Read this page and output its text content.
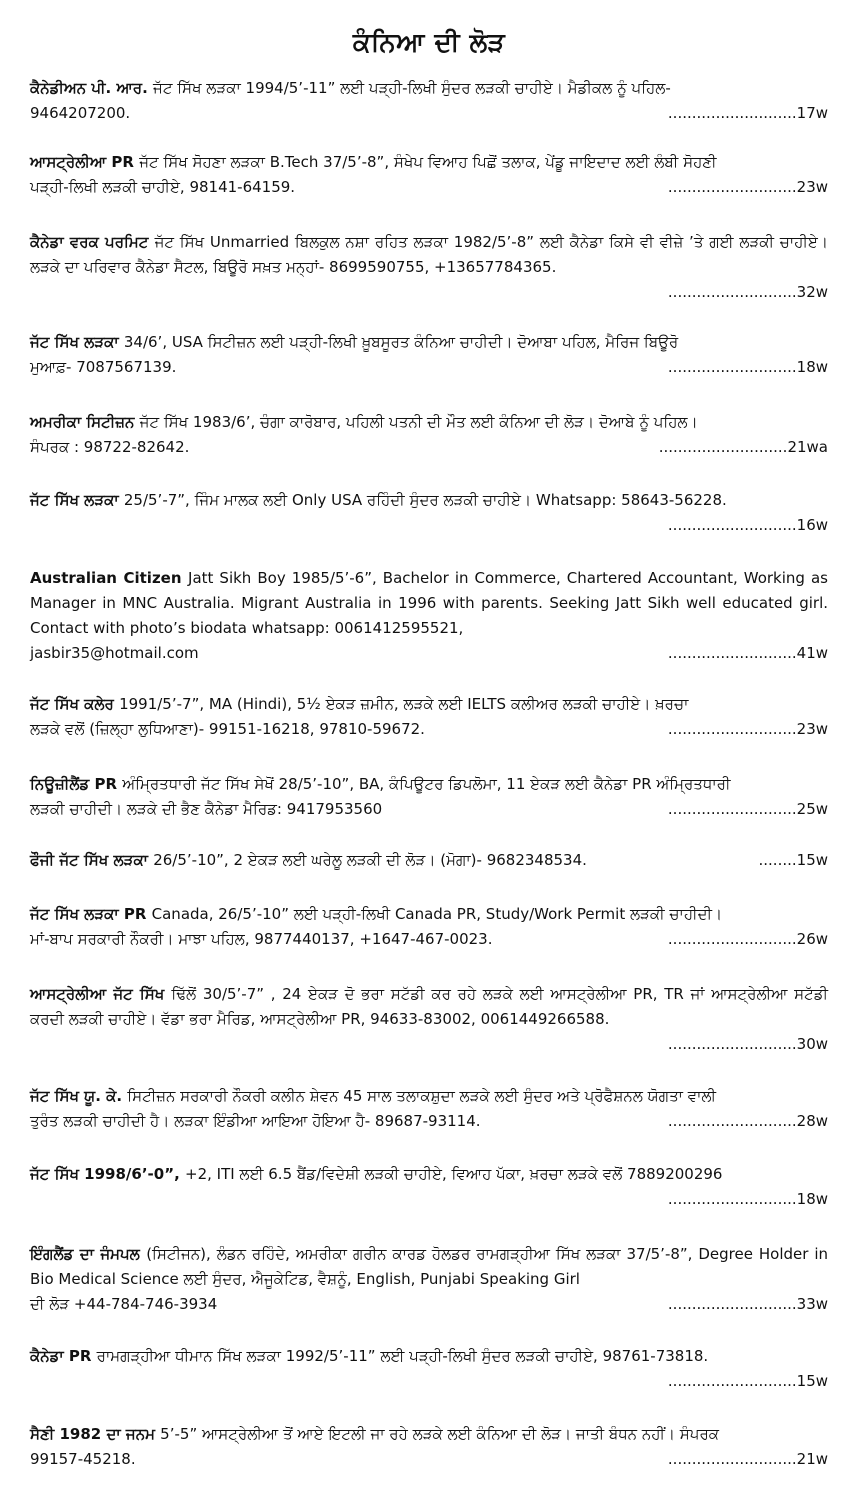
ਕੰਨਿਆ ਦੀ ਲੋੜ
ਕੈਨੇਡੀਅਨ ਪੀ. ਆਰ. ਜੱਟ ਸਿੱਖ ਲੜਕਾ 1994/5’-11” ਲਈ ਪੜ੍ਹੀ-ਲਿਖੀ ਸੁੰਦਰ ਲੜਕੀ ਚਾਹੀਏ। ਮੈਡੀਕਲ ਨੂੰ ਪਹਿਲ-
9464207200.	...........................17w
ਆਸਟ੍ਰੇਲੀਆ PR ਜੱਟ ਸਿੱਖ ਸੋਹਣਾ ਲੜਕਾ B.Tech 37/5’-8”, ਸੰਖੇਪ ਵਿਆਹ ਪਿਛੋਂ ਤਲਾਕ, ਪੇਂਡੂ ਜਾਇਦਾਦ ਲਈ ਲੰਬੀ ਸੋਹਣੀ
ਪੜ੍ਹੀ-ਲਿਖੀ ਲੜਕੀ ਚਾਹੀਏ, 98141-64159.	...........................23w
ਕੈਨੇਡਾ ਵਰਕ ਪਰਮਿਟ ਜੱਟ ਸਿੱਖ Unmarried ਬਿਲਕੁਲ ਨਸ਼ਾ ਰਹਿਤ ਲੜਕਾ 1982/5’-8” ਲਈ ਕੈਨੇਡਾ ਕਿਸੇ ਵੀ ਵੀਜ਼ੇ ’ਤੇ ਗਈ ਲੜਕੀ ਚਾਹੀਏ। ਲੜਕੇ ਦਾ ਪਰਿਵਾਰ ਕੈਨੇਡਾ ਸੈਟਲ, ਬਿਊਰੋ ਸਖ਼ਤ ਮਨ੍ਹਾਂ- 8699590755, +13657784365.
...........................32w
ਜੱਟ ਸਿੱਖ ਲੜਕਾ 34/6’, USA ਸਿਟੀਜ਼ਨ ਲਈ ਪੜ੍ਹੀ-ਲਿਖੀ ਖ਼ੂਬਸੂਰਤ ਕੰਨਿਆ ਚਾਹੀਦੀ। ਦੋਆਬਾ ਪਹਿਲ, ਮੈਰਿਜ ਬਿਊਰੋ
ਮੁਆਫ਼- 7087567139.	...........................18w
ਅਮਰੀਕਾ ਸਿਟੀਜ਼ਨ ਜੱਟ ਸਿੱਖ 1983/6’, ਚੰਗਾ ਕਾਰੋਬਾਰ, ਪਹਿਲੀ ਪਤਨੀ ਦੀ ਮੌਤ ਲਈ ਕੰਨਿਆ ਦੀ ਲੋੜ। ਦੋਆਬੇ ਨੂੰ ਪਹਿਲ।
ਸੰਪਰਕ : 98722-82642.	...........................21wa
ਜੱਟ ਸਿੱਖ ਲੜਕਾ 25/5’-7”, ਜਿੰਮ ਮਾਲਕ ਲਈ Only USA ਰਹਿੰਦੀ ਸੁੰਦਰ ਲੜਕੀ ਚਾਹੀਏ। Whatsapp: 58643-56228.
...........................16w
Australian Citizen Jatt Sikh Boy 1985/5’-6”, Bachelor in Commerce, Chartered Accountant, Working as Manager in MNC Australia. Migrant Australia in 1996 with parents. Seeking Jatt Sikh well educated girl. Contact with photo’s biodata whatsapp: 0061412595521,
jasbir35@hotmail.com	...........................41w
ਜੱਟ ਸਿੱਖ ਕਲੇਰ 1991/5’-7”, MA (Hindi), 5½ ਏਕੜ ਜ਼ਮੀਨ, ਲੜਕੇ ਲਈ IELTS ਕਲੀਅਰ ਲੜਕੀ ਚਾਹੀਏ। ਖ਼ਰਚਾ
ਲੜਕੇ ਵਲੋਂ (ਜ਼ਿਲ੍ਹਾ ਲੁਧਿਆਣਾ)- 99151-16218, 97810-59672.	...........................23w
ਨਿਊਜ਼ੀਲੈਂਡ PR ਅੰਮ੍ਰਿਤਧਾਰੀ ਜੱਟ ਸਿੱਖ ਸੇਖੋਂ 28/5’-10”, BA, ਕੰਪਿਊਟਰ ਡਿਪਲੋਮਾ, 11 ਏਕੜ ਲਈ ਕੈਨੇਡਾ PR ਅੰਮ੍ਰਿਤਧਾਰੀ
ਲੜਕੀ ਚਾਹੀਦੀ। ਲੜਕੇ ਦੀ ਭੈਣ ਕੈਨੇਡਾ ਮੈਰਿਡ: 9417953560	...........................25w
ਫੌਜੀ ਜੱਟ ਸਿੱਖ ਲੜਕਾ 26/5’-10”, 2 ਏਕੜ ਲਈ ਘਰੇਲੂ ਲੜਕੀ ਦੀ ਲੋੜ। (ਮੋਗਾ)- 9682348534.	........15w
ਜੱਟ ਸਿੱਖ ਲੜਕਾ PR Canada, 26/5’-10” ਲਈ ਪੜ੍ਹੀ-ਲਿਖੀ Canada PR, Study/Work Permit ਲੜਕੀ ਚਾਹੀਦੀ।
ਮਾਂ-ਬਾਪ ਸਰਕਾਰੀ ਨੌਕਰੀ। ਮਾਝਾ ਪਹਿਲ, 9877440137, +1647-467-0023.	...........................26w
ਆਸਟ੍ਰੇਲੀਆ ਜੱਟ ਸਿੱਖ ਢਿੱਲੋਂ 30/5’-7” , 24 ਏਕੜ ਦੋ ਭਰਾ ਸਟੱਡੀ ਕਰ ਰਹੇ ਲੜਕੇ ਲਈ ਆਸਟ੍ਰੇਲੀਆ PR, TR ਜਾਂ ਆਸਟ੍ਰੇਲੀਆ ਸਟੱਡੀ ਕਰਦੀ ਲੜਕੀ ਚਾਹੀਏ। ਵੱਡਾ ਭਰਾ ਮੈਰਿਡ, ਆਸਟ੍ਰੇਲੀਆ PR, 94633-83002, 0061449266588.
...........................30w
ਜੱਟ ਸਿੱਖ ਯੂ. ਕੇ. ਸਿਟੀਜ਼ਨ ਸਰਕਾਰੀ ਨੌਕਰੀ ਕਲੀਨ ਸ਼ੇਵਨ 45 ਸਾਲ ਤਲਾਕਸ਼ੁਦਾ ਲੜਕੇ ਲਈ ਸੁੰਦਰ ਅਤੇ ਪ੍ਰੋਫੈਸ਼ਨਲ ਯੋਗਤਾ ਵਾਲੀ
ਤੁਰੰਤ ਲੜਕੀ ਚਾਹੀਦੀ ਹੈ। ਲੜਕਾ ਇੰਡੀਆ ਆਇਆ ਹੋਇਆ ਹੈ- 89687-93114.	...........................28w
ਜੱਟ ਸਿੱਖ 1998/6’-0”, +2, ITI ਲਈ 6.5 ਬੈਂਡ/ਵਿਦੇਸ਼ੀ ਲੜਕੀ ਚਾਹੀਏ, ਵਿਆਹ ਪੱਕਾ, ਖ਼ਰਚਾ ਲੜਕੇ ਵਲੋਂ 7889200296
...........................18w
ਇੰਗਲੈਂਡ ਦਾ ਜੰਮਪਲ (ਸਿਟੀਜਨ), ਲੰਡਨ ਰਹਿੰਦੇ, ਅਮਰੀਕਾ ਗਰੀਨ ਕਾਰਡ ਹੋਲਡਰ ਰਾਮਗੜ੍ਹੀਆ ਸਿੱਖ ਲੜਕਾ 37/5’-8”, Degree Holder in Bio Medical Science ਲਈ ਸੁੰਦਰ, ਐਜੂਕੇਟਿਡ, ਵੈਸ਼ਨੂੰ, English, Punjabi Speaking Girl
ਦੀ ਲੋੜ +44-784-746-3934	...........................33w
ਕੈਨੇਡਾ PR ਰਾਮਗੜ੍ਹੀਆ ਧੀਮਾਨ ਸਿੱਖ ਲੜਕਾ 1992/5’-11” ਲਈ ਪੜ੍ਹੀ-ਲਿਖੀ ਸੁੰਦਰ ਲੜਕੀ ਚਾਹੀਏ, 98761-73818.
...........................15w
ਸੈਣੀ 1982 ਦਾ ਜਨਮ 5’-5” ਆਸਟ੍ਰੇਲੀਆ ਤੋਂ ਆਏ ਇਟਲੀ ਜਾ ਰਹੇ ਲੜਕੇ ਲਈ ਕੰਨਿਆ ਦੀ ਲੋੜ। ਜਾਤੀ ਬੰਧਨ ਨਹੀਂ। ਸੰਪਰਕ
99157-45218.	...........................21w
